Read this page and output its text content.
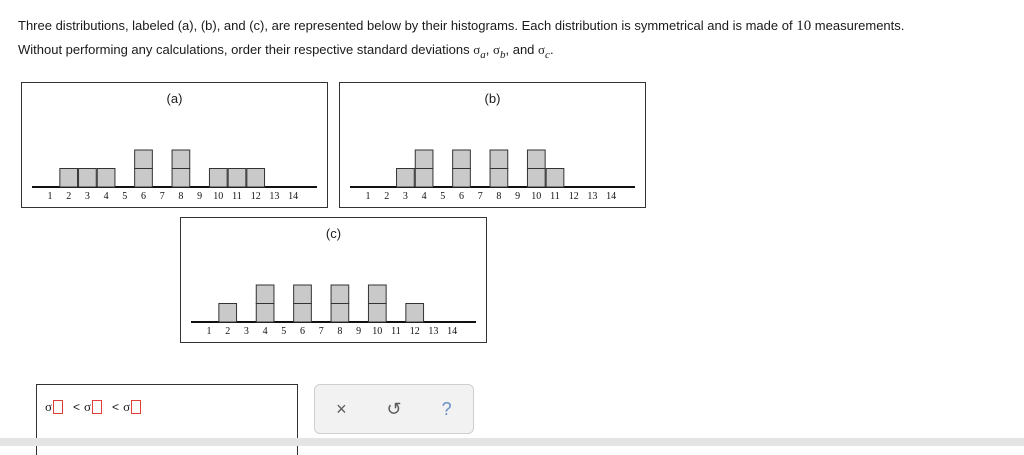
Three distributions, labeled (a), (b), and (c), are represented below by their histograms. Each distribution is symmetrical and is made of 10 measurements.
Without performing any calculations, order their respective standard deviations $\sigma_a$, $\sigma_b$, and $\sigma_c$.
(a)
1 2 3 4 5 6 7 8 9 10 11 12 13 14
(b)
1 2 3 4 5 6 7 8 9 10 11 12 13 14
(c)
1 2 3 4 5 6 7 8 9 10 11 12 13 14
σ < σ < σ	×	↺	?
